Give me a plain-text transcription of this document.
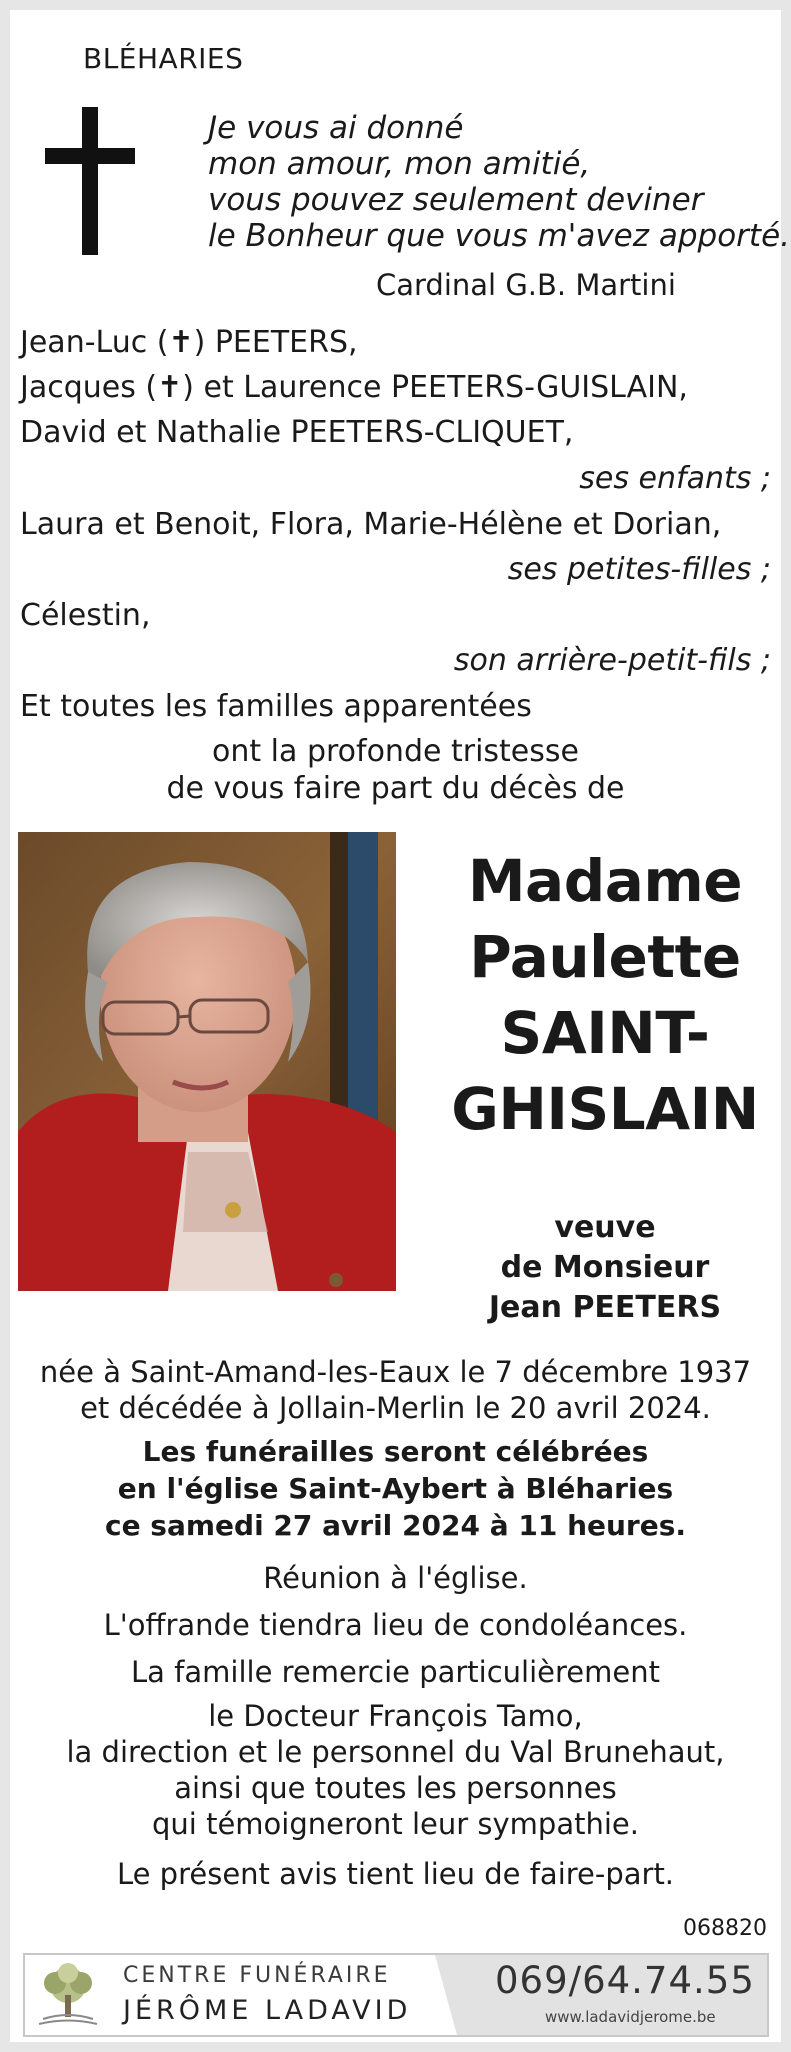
BLÉHARIES
Je vous ai donné
mon amour, mon amitié,
vous pouvez seulement deviner
le Bonheur que vous m'avez apporté.
Cardinal G.B. Martini
Jean-Luc (✝) PEETERS,
Jacques (✝) et Laurence PEETERS-GUISLAIN,
David et Nathalie PEETERS-CLIQUET,
ses enfants ;
Laura et Benoit, Flora, Marie-Hélène et Dorian,
ses petites-filles ;
Célestin,
son arrière-petit-fils ;
Et toutes les familles apparentées
ont la profonde tristesse
de vous faire part du décès de
Madame
Paulette
SAINT-
GHISLAIN
veuve
de Monsieur
Jean PEETERS
née à Saint-Amand-les-Eaux le 7 décembre 1937
et décédée à Jollain-Merlin le 20 avril 2024.
Les funérailles seront célébrées
en l'église Saint-Aybert à Bléharies
ce samedi 27 avril 2024 à 11 heures.
Réunion à l'église.
L'offrande tiendra lieu de condoléances.
La famille remercie particulièrement
le Docteur François Tamo,
la direction et le personnel du Val Brunehaut,
ainsi que toutes les personnes
qui témoigneront leur sympathie.
Le présent avis tient lieu de faire-part.
068820
CENTRE FUNÉRAIRE
JÉRÔME LADAVID
069/64.74.55
www.ladavidjerome.be
